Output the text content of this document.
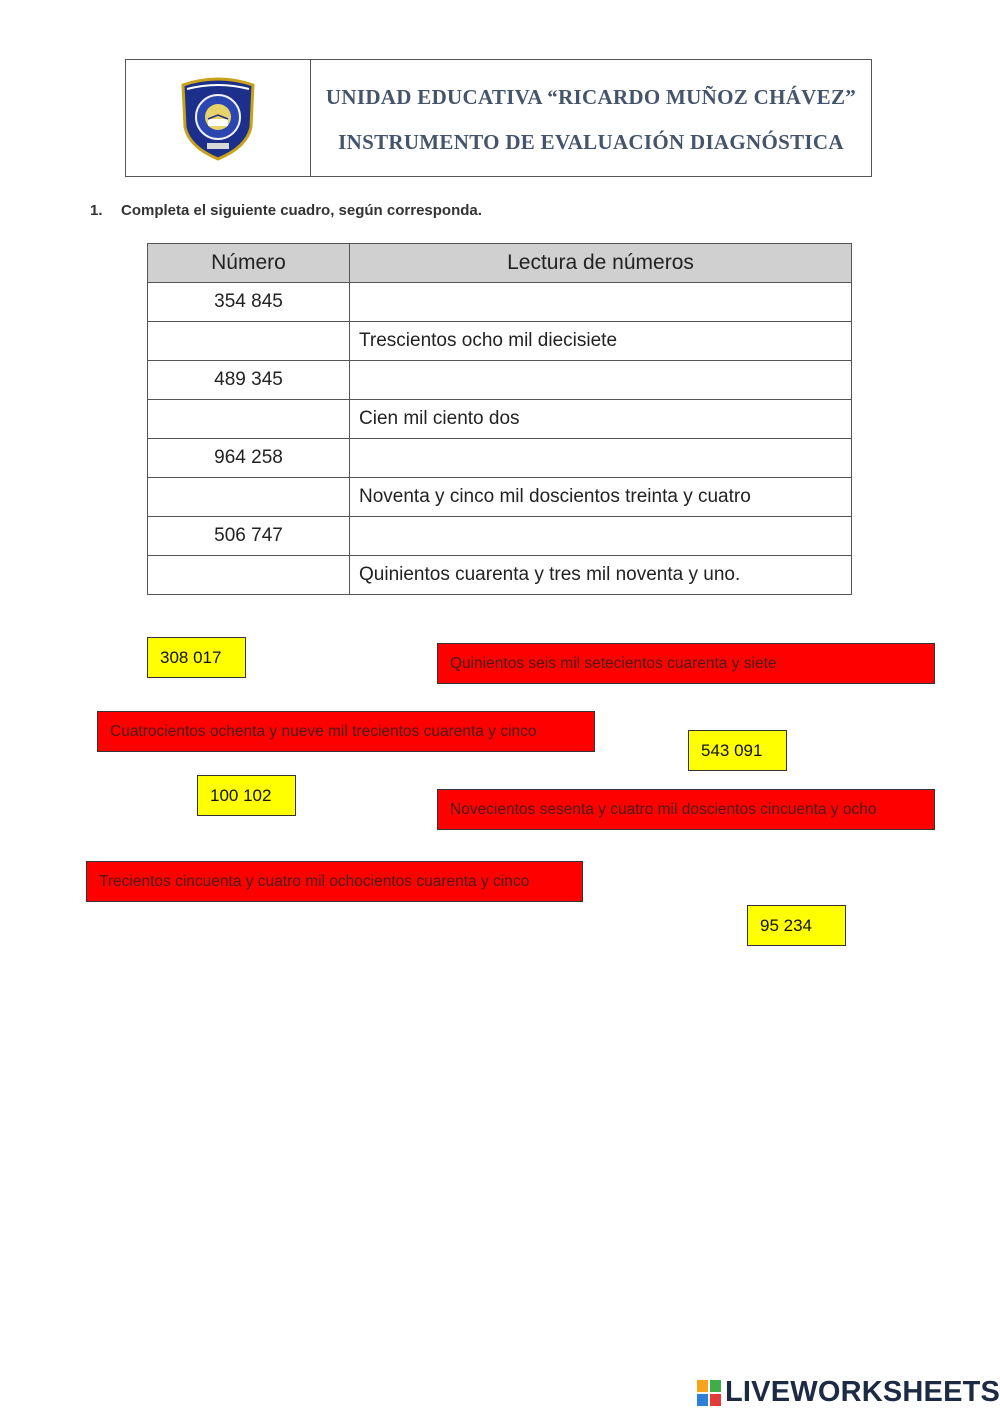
UNIDAD EDUCATIVA “RICARDO MUÑOZ CHÁVEZ”
INSTRUMENTO DE EVALUACIÓN DIAGNÓSTICA
1. Completa el siguiente cuadro, según corresponda.
Número	Lectura de números
354 845	
	Trescientos ocho mil diecisiete
489 345	
	Cien mil ciento dos
964 258	
	Noventa y cinco mil doscientos treinta y cuatro
506 747	
	Quinientos cuarenta y tres mil noventa y uno.
308 017	Quinientos seis mil setecientos cuarenta y siete
Cuatrocientos ochenta y nueve mil trecientos cuarenta y cinco
543 091
100 102
Novecientos sesenta y cuatro mil doscientos cincuenta y ocho
Trecientos cincuenta y cuatro mil ochocientos cuarenta y cinco
95 234
LIVEWORKSHEETS
